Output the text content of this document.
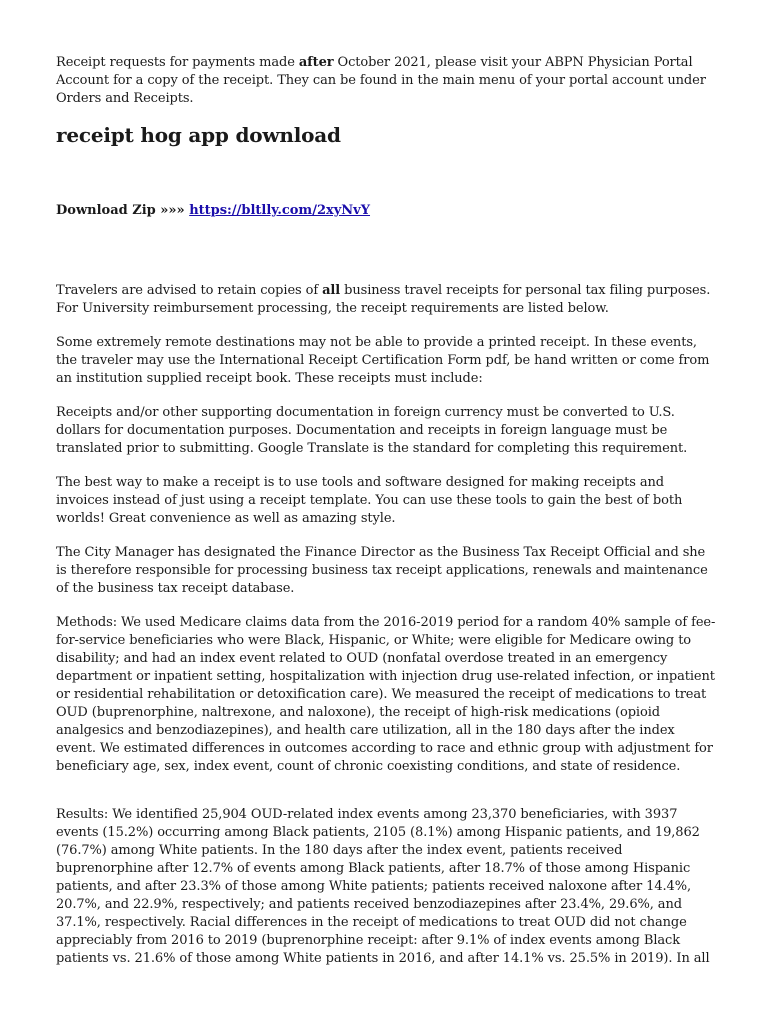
Receipt requests for payments made after October 2021, please visit your ABPN Physician Portal Account for a copy of the receipt. They can be found in the main menu of your portal account under Orders and Receipts.

receipt hog app download
Download Zip »»» https://bltlly.com/2xyNvY

Travelers are advised to retain copies of all business travel receipts for personal tax filing purposes. For University reimbursement processing, the receipt requirements are listed below.

Some extremely remote destinations may not be able to provide a printed receipt. In these events, the traveler may use the International Receipt Certification Form pdf, be hand written or come from an institution supplied receipt book. These receipts must include:

Receipts and/or other supporting documentation in foreign currency must be converted to U.S. dollars for documentation purposes. Documentation and receipts in foreign language must be translated prior to submitting. Google Translate is the standard for completing this requirement.

The best way to make a receipt is to use tools and software designed for making receipts and invoices instead of just using a receipt template. You can use these tools to gain the best of both worlds! Great convenience as well as amazing style.

The City Manager has designated the Finance Director as the Business Tax Receipt Official and she is therefore responsible for processing business tax receipt applications, renewals and maintenance of the business tax receipt database.

Methods: We used Medicare claims data from the 2016-2019 period for a random 40% sample of fee-for-service beneficiaries who were Black, Hispanic, or White; were eligible for Medicare owing to disability; and had an index event related to OUD (nonfatal overdose treated in an emergency department or inpatient setting, hospitalization with injection drug use-related infection, or inpatient or residential rehabilitation or detoxification care). We measured the receipt of medications to treat OUD (buprenorphine, naltrexone, and naloxone), the receipt of high-risk medications (opioid analgesics and benzodiazepines), and health care utilization, all in the 180 days after the index event. We estimated differences in outcomes according to race and ethnic group with adjustment for beneficiary age, sex, index event, count of chronic coexisting conditions, and state of residence.

Results: We identified 25,904 OUD-related index events among 23,370 beneficiaries, with 3937 events (15.2%) occurring among Black patients, 2105 (8.1%) among Hispanic patients, and 19,862 (76.7%) among White patients. In the 180 days after the index event, patients received buprenorphine after 12.7% of events among Black patients, after 18.7% of those among Hispanic patients, and after 23.3% of those among White patients; patients received naloxone after 14.4%, 20.7%, and 22.9%, respectively; and patients received benzodiazepines after 23.4%, 29.6%, and 37.1%, respectively. Racial differences in the receipt of medications to treat OUD did not change appreciably from 2016 to 2019 (buprenorphine receipt: after 9.1% of index events among Black patients vs. 21.6% of those among White patients in 2016, and after 14.1% vs. 25.5% in 2019). In all
